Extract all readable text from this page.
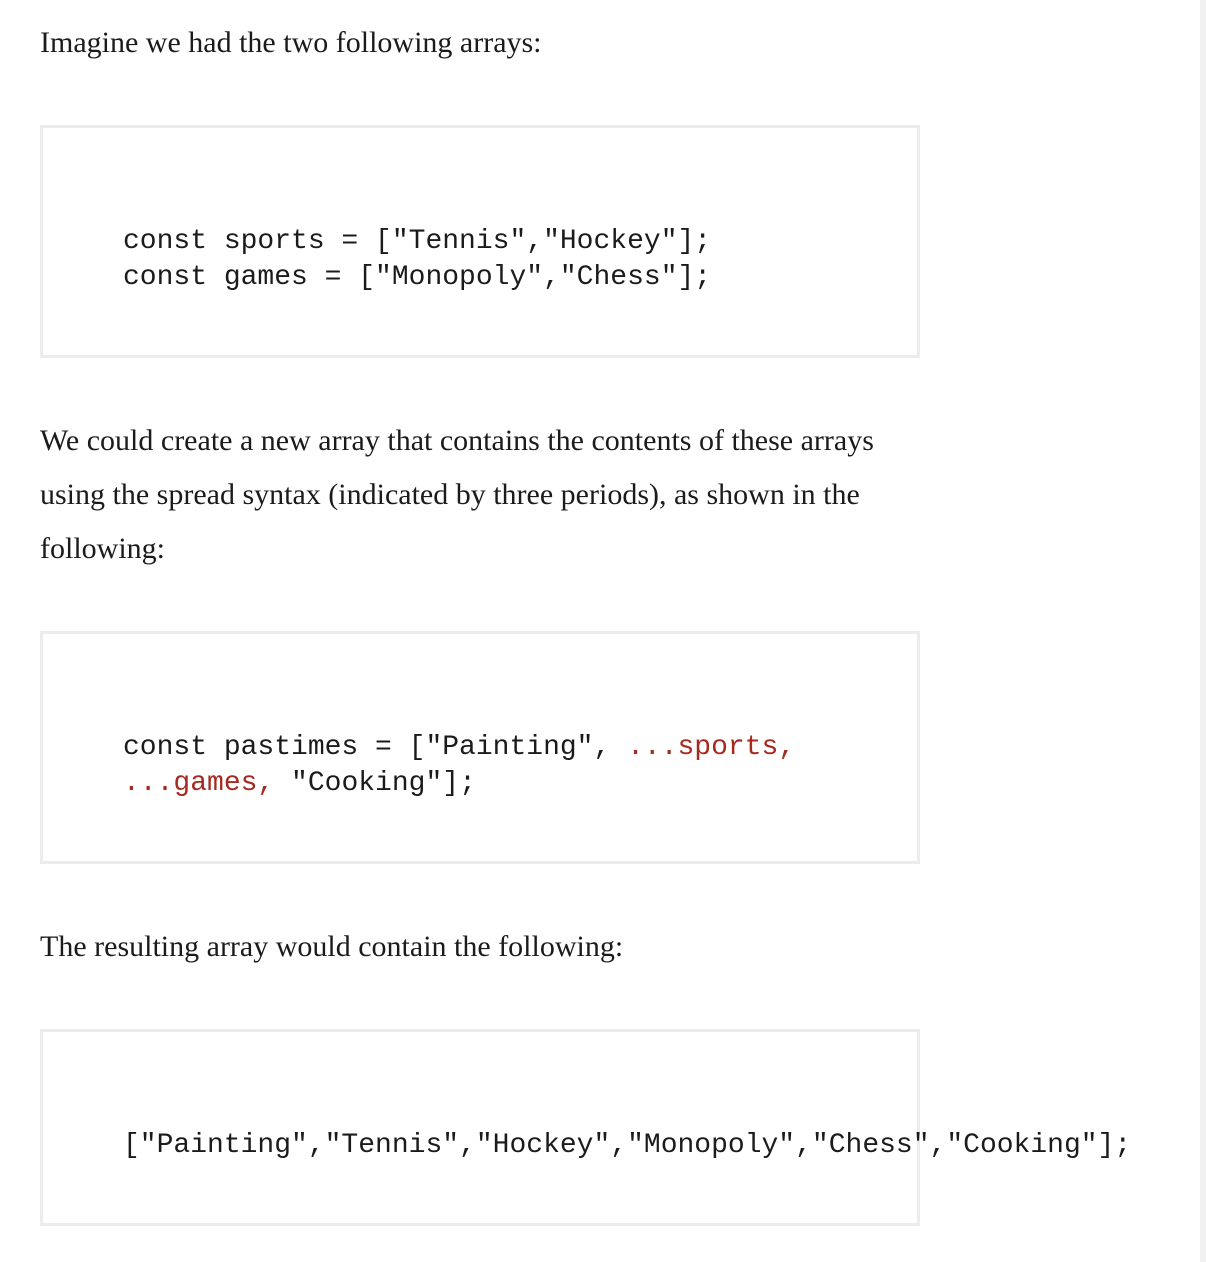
Imagine we had the two following arrays:

const sports = ["Tennis","Hockey"];
const games = ["Monopoly","Chess"];

We could create a new array that contains the contents of these arrays using the spread syntax (indicated by three periods), as shown in the following:

const pastimes = ["Painting", ...sports,
...games, "Cooking"];

The resulting array would contain the following:

["Painting","Tennis","Hockey","Monopoly","Chess","Cooking"];
